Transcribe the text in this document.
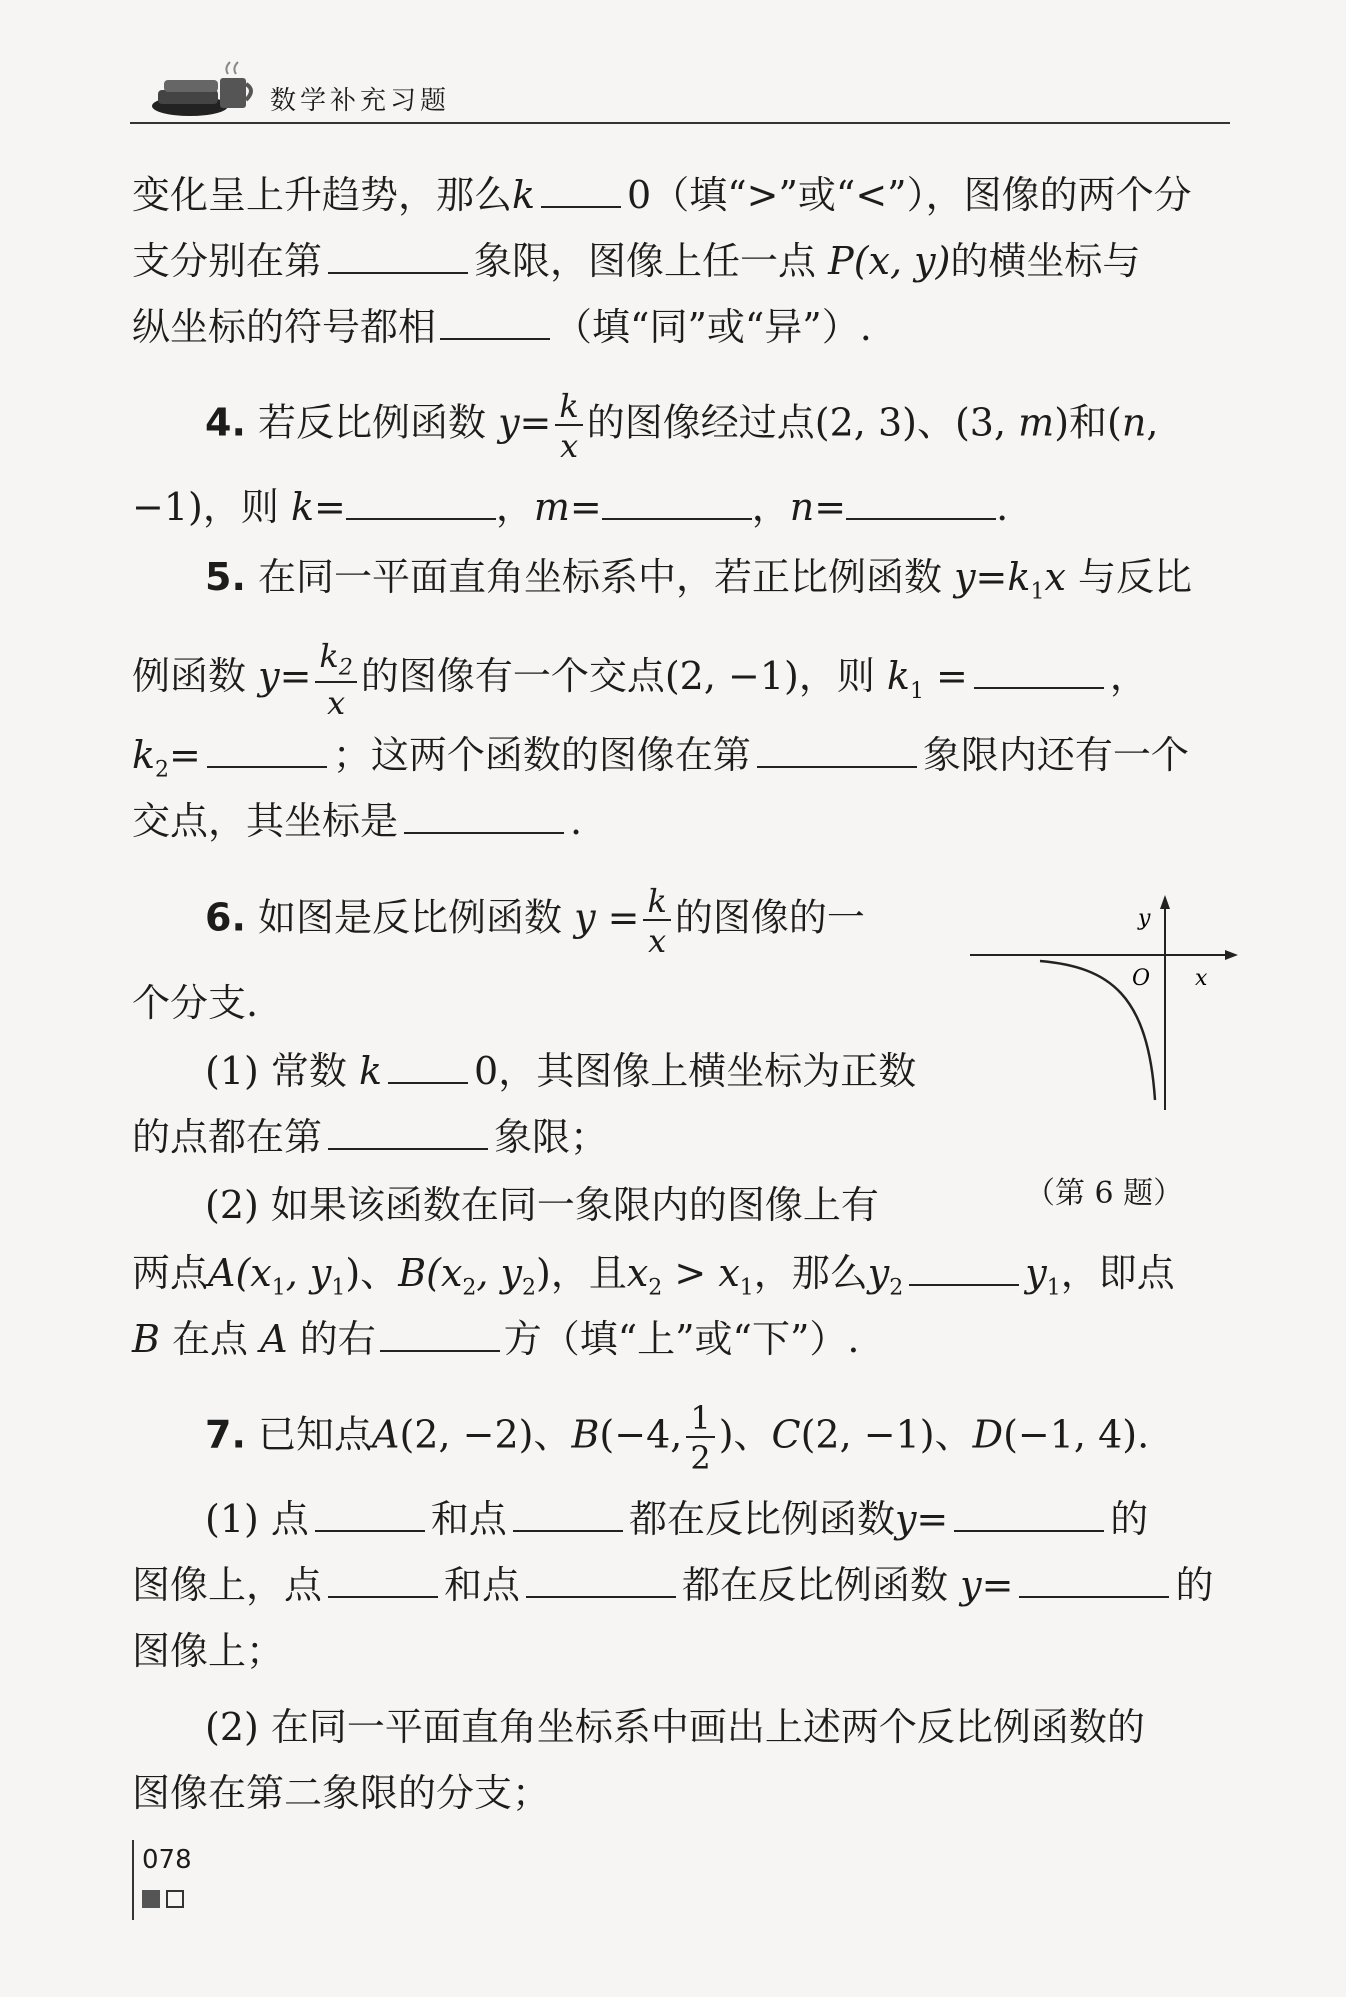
数学补充习题
变化呈上升趋势，那么k 0（填“>”或“<”），图像的两个分
支分别在第	象限，图像上任一点 P(x, y)的横坐标与
纵坐标的符号都相	（填“同”或“异”）.
4. 若反比例函数 $y= \frac{k}{x}$ 的图像经过点(2, 3)、(3, m)和(n,
−1)，则 k=	，m=	，n=	.
5. 在同一平面直角坐标系中，若正比例函数 $y=k_1x$ 与反比
例函数 $y= \frac{k_2}{x}$ 的图像有一个交点(2, −1)，则 $k_1$ =	，
$k_2=$	；这两个函数的图像在第	象限内还有一个
交点，其坐标是	.
6. 如图是反比例函数 $y = \frac{k}{x}$ 的图像的一
个分支.
(1) 常数 k 0，其图像上横坐标为正数
的点都在第	象限；
(2) 如果该函数在同一象限内的图像上有
两点$A(x_1$, $y_1$)、$B(x_2$, $y_2$)，且$x_2 > x_1$，那么$y_2$	$y_1$，即点
B 在点 A 的右	方（填“上”或“下”）.
y
O x
（第 6 题）
7. 已知点A(2, −2)、B(−4, $\frac{1}{2}$ )、C(2, −1)、D(−1, 4).
(1) 点	和点	都在反比例函数y=	的
图像上，点	和点	都在反比例函数 y=	的
图像上；
(2) 在同一平面直角坐标系中画出上述两个反比例函数的
图像在第二象限的分支；
078
